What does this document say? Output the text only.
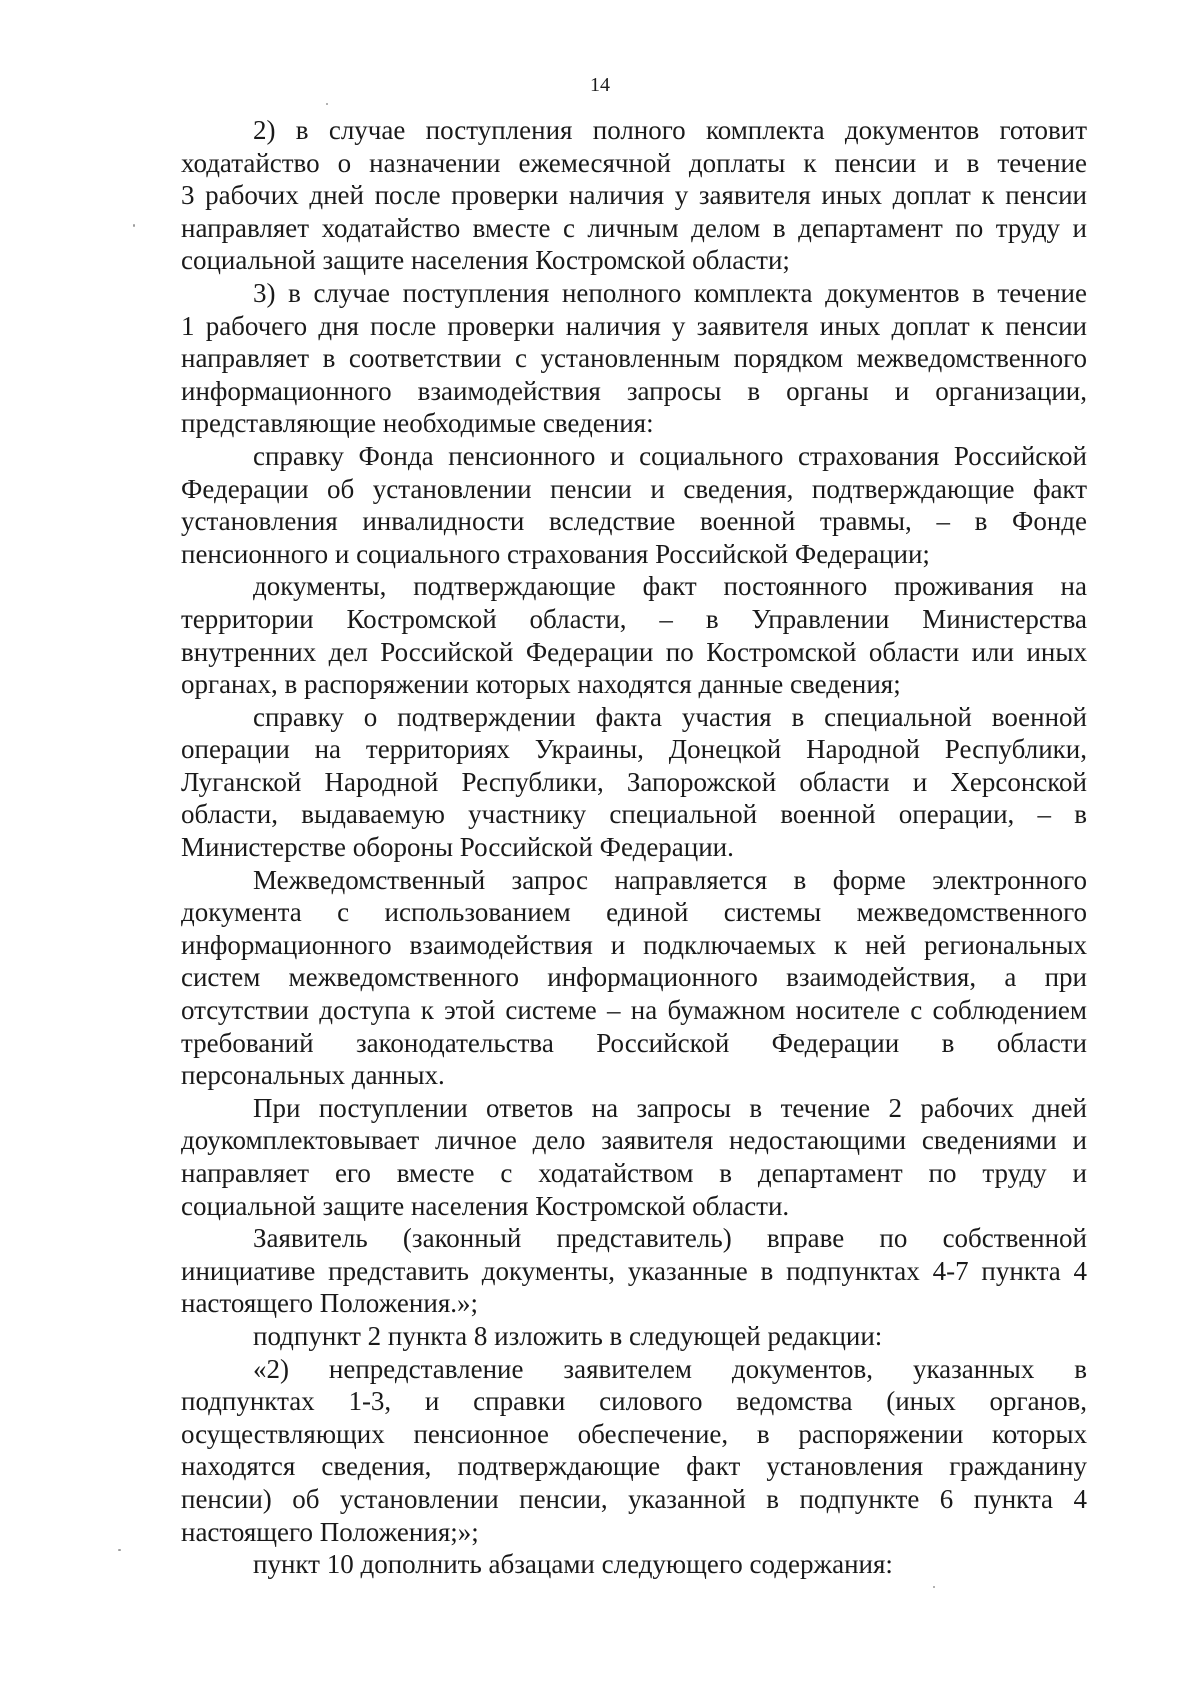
14

2) в случае поступления полного комплекта документов готовит
ходатайство о назначении ежемесячной доплаты к пенсии и в течение
3 рабочих дней после проверки наличия у заявителя иных доплат к пенсии
направляет ходатайство вместе с личным делом в департамент по труду и
социальной защите населения Костромской области;

3) в случае поступления неполного комплекта документов в течение
1 рабочего дня после проверки наличия у заявителя иных доплат к пенсии
направляет в соответствии с установленным порядком межведомственного
информационного взаимодействия запросы в органы и организации,
представляющие необходимые сведения:

справку Фонда пенсионного и социального страхования Российской
Федерации об установлении пенсии и сведения, подтверждающие факт
установления инвалидности вследствие военной травмы, – в Фонде
пенсионного и социального страхования Российской Федерации;

документы, подтверждающие факт постоянного проживания на
территории Костромской области, – в Управлении Министерства
внутренних дел Российской Федерации по Костромской области или иных
органах, в распоряжении которых находятся данные сведения;

справку о подтверждении факта участия в специальной военной
операции на территориях Украины, Донецкой Народной Республики,
Луганской Народной Республики, Запорожской области и Херсонской
области, выдаваемую участнику специальной военной операции, – в
Министерстве обороны Российской Федерации.

Межведомственный запрос направляется в форме электронного
документа с использованием единой системы межведомственного
информационного взаимодействия и подключаемых к ней региональных
систем межведомственного информационного взаимодействия, а при
отсутствии доступа к этой системе – на бумажном носителе с соблюдением
требований законодательства Российской Федерации в области
персональных данных.

При поступлении ответов на запросы в течение 2 рабочих дней
доукомплектовывает личное дело заявителя недостающими сведениями и
направляет его вместе с ходатайством в департамент по труду и
социальной защите населения Костромской области.

Заявитель (законный представитель) вправе по собственной
инициативе представить документы, указанные в подпунктах 4-7 пункта 4
настоящего Положения.»;

подпункт 2 пункта 8 изложить в следующей редакции:

«2) непредставление заявителем документов, указанных в
подпунктах 1-3, и справки силового ведомства (иных органов,
осуществляющих пенсионное обеспечение, в распоряжении которых
находятся сведения, подтверждающие факт установления гражданину
пенсии) об установлении пенсии, указанной в подпункте 6 пункта 4
настоящего Положения;»;

пункт 10 дополнить абзацами следующего содержания:
